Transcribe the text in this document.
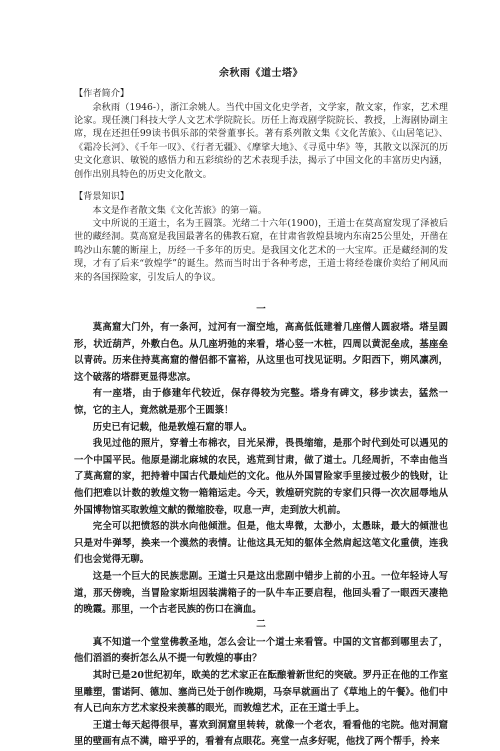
余秋雨《道士塔》
【作者简介】

余秋雨（1946-），浙江余姚人。当代中国文化史学者，文学家，散文家，作家，艺术理论家。现任澳门科技大学人文艺术学院院长。历任上海戏剧学院院长、教授，上海剧协副主席，现在还担任99读书俱乐部的荣誉董事长。著有系列散文集《文化苦旅》、《山居笔记》、《霜冷长河》、《千年一叹》、《行者无疆》、《摩挲大地》、《寻觅中华》等，其散文以深沉的历史文化意识、敏锐的感悟力和五彩缤纷的艺术表现手法，揭示了中国文化的丰富历史内涵，创作出别具特色的历史文化散文。

【背景知识】

本文是作者散文集《文化苦旅》的第一篇。

文中所说的王道士，名为王圆箓。光绪二十六年(1900)，王道士在莫高窟发现了泽被后世的藏经洞。莫高窟是我国最著名的佛教石窟，在甘肃省敦煌县境内东南25公里处，开凿在鸣沙山东麓的断崖上，历经一千多年的历史。是我国文化艺术的一大宝库。正是藏经洞的发现，才有了后来“敦煌学”的诞生。然而当时出于各种考虑，王道士将经卷廉价卖给了闸风而来的各国探险家，引发后人的争议。

一

莫高窟大门外，有一条河，过河有一溜空地，高高低低建着几座僧人圆寂塔。塔呈圆形，状近葫芦，外敷白色。从几座坍弛的来看，塔心竖一木桩，四周以黄泥垒成，基座垒以青砖。历来住持莫高窟的僧侣都不富裕，从这里也可找见证明。夕阳西下，朔风凛冽，这个破落的塔群更显得悲凉。

有一座塔，由于修建年代较近，保存得较为完整。塔身有碑文，移步读去，猛然一惊，它的主人，竟然就是那个王圆箓！

历史已有记载，他是敦煌石窟的罪人。

我见过他的照片，穿着土布棉衣，目光呆滞，畏畏缩缩，是那个时代到处可以遇见的一个中国平民。他原是湖北麻城的农民，逃荒到甘肃，做了道士。几经周折，不幸由他当了莫高窟的家，把持着中国古代最灿烂的文化。他从外国冒险家手里接过极少的钱财，让他们把难以计数的敦煌文物一箱箱运走。今天，敦煌研究院的专家们只得一次次屈辱地从外国博物馆买取敦煌文献的微缩胶卷，叹息一声，走到放大机前。

完全可以把愤怒的洪水向他倾泄。但是，他太卑微，太渺小，太愚昧，最大的倾泄也只是对牛弹琴，换来一个漠然的表情。让他这具无知的躯体全然肩起这笔文化重债，连我们也会觉得无聊。

这是一个巨大的民族悲剧。王道士只是这出悲剧中错步上前的小丑。一位年轻诗人写道，那天傍晚，当冒险家斯坦因装满箱子的一队牛车正要启程，他回头看了一眼西天凄艳的晚霞。那里，一个古老民族的伤口在滴血。

二

真不知道一个堂堂佛教圣地，怎么会让一个道士来看管。中国的文官都到哪里去了，他们滔滔的奏折怎么从不提一句敦煌的事由？

其时已是20世纪初年，欧美的艺术家正在酝酿着新世纪的突破。罗丹正在他的工作室里雕塑，雷诺阿、德加、塞尚已处于创作晚期，马奈早就画出了《草地上的午餐》。他们中有人已向东方艺术家投来羡慕的眼光，而敦煌艺术，正在王道士手上。

王道士每天起得很早，喜欢到洞窟里转转，就像一个老农，看看他的宅院。他对洞窟里的壁画有点不满，暗乎乎的，看着有点眼花。亮堂一点多好呢，他找了两个帮手，拎来
